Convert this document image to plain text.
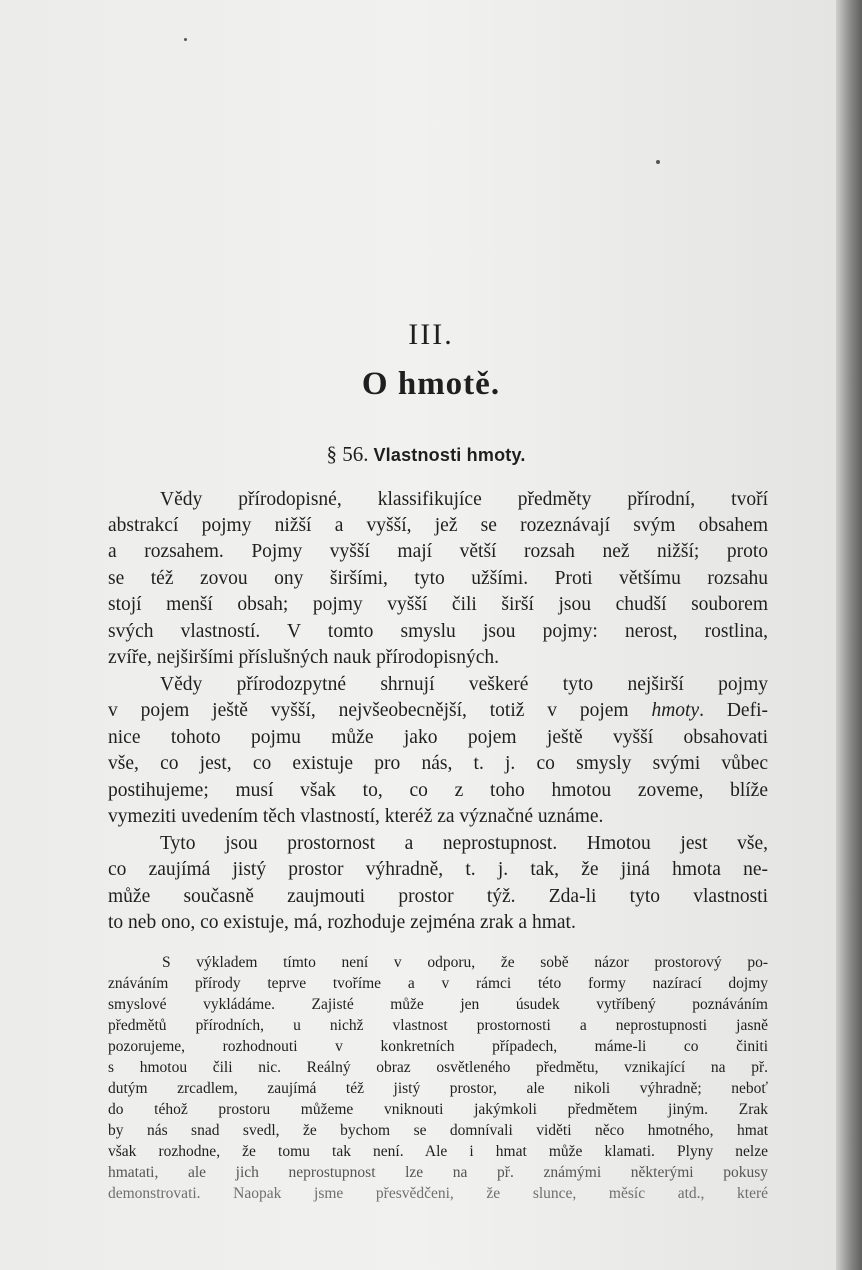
III.
O hmotě.
§ 56. Vlastnosti hmoty.
Vědy přírodopisné, klassifikujíce předměty přírodní, tvoří
abstrakcí pojmy nižší a vyšší, jež se rozeznávají svým obsahem
a rozsahem. Pojmy vyšší mají větší rozsah než nižší; proto
se též zovou ony širšími, tyto užšími. Proti většímu rozsahu
stojí menší obsah; pojmy vyšší čili širší jsou chudší souborem
svých vlastností. V tomto smyslu jsou pojmy: nerost, rostlina,
zvíře, nejširšími příslušných nauk přírodopisných.
Vědy přírodozpytné shrnují veškeré tyto nejširší pojmy
v pojem ještě vyšší, nejvšeobecnější, totiž v pojem hmoty. Defi-
nice tohoto pojmu může jako pojem ještě vyšší obsahovati
vše, co jest, co existuje pro nás, t. j. co smysly svými vůbec
postihujeme; musí však to, co z toho hmotou zoveme, blíže
vymeziti uvedením těch vlastností, kteréž za význačné uznáme.
Tyto jsou prostornost a neprostupnost. Hmotou jest vše,
co zaujímá jistý prostor výhradně, t. j. tak, že jiná hmota ne-
může současně zaujmouti prostor týž. Zda-li tyto vlastnosti
to neb ono, co existuje, má, rozhoduje zejména zrak a hmat.
S výkladem tímto není v odporu, že sobě názor prostorový po-
znáváním přírody teprve tvoříme a v rámci této formy nazírací dojmy
smyslové vykládáme. Zajisté může jen úsudek vytříbený poznáváním
předmětů přírodních, u nichž vlastnost prostornosti a neprostupnosti jasně
pozorujeme, rozhodnouti v konkretních případech, máme-li co činiti
s hmotou čili nic. Reálný obraz osvětleného předmětu, vznikající na př.
dutým zrcadlem, zaujímá též jistý prostor, ale nikoli výhradně; neboť
do téhož prostoru můžeme vniknouti jakýmkoli předmětem jiným. Zrak
by nás snad svedl, že bychom se domnívali viděti něco hmotného, hmat
však rozhodne, že tomu tak není. Ale i hmat může klamati. Plyny nelze
hmatati, ale jich neprostupnost lze na př. známými některými pokusy
demonstrovati. Naopak jsme přesvědčeni, že slunce, měsíc atd., které
